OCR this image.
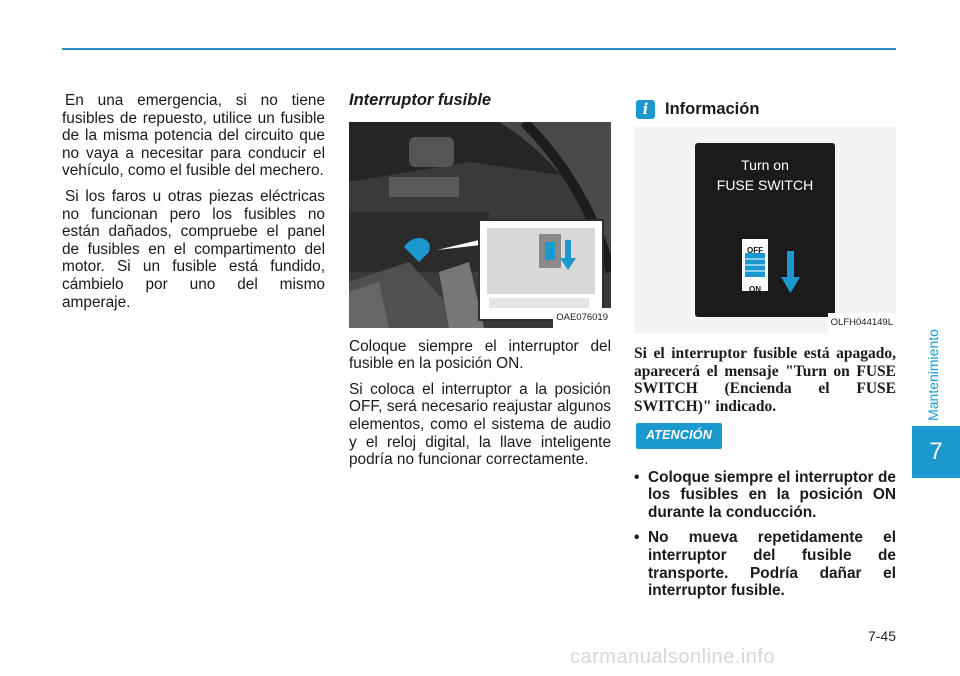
En una emergencia, si no tiene fusibles de repuesto, utilice un fusible de la misma potencia del circuito que no vaya a necesitar para conducir el vehículo, como el fusible del mechero.

Si los faros u otras piezas eléctricas no funcionan pero los fusibles no están dañados, compruebe el panel de fusibles en el compartimento del motor. Si un fusible está fundido, cámbielo por uno del mismo amperaje.

Interruptor fusible
OAE076019

Coloque siempre el interruptor del fusible en la posición ON.

Si coloca el interruptor a la posición OFF, será necesario reajustar algunos elementos, como el sistema de audio y el reloj digital, la llave inteligente podría no funcionar correctamente.

i	Información
Turn on
FUSE SWITCH
OFF
ON
OLFH044149L

Si el interruptor fusible está apagado, aparecerá el mensaje "Turn on FUSE SWITCH (Encienda el FUSE SWITCH)" indicado.

ATENCIÓN
• Coloque siempre el interruptor de los fusibles en la posición ON durante la conducción.
• No mueva repetidamente el interruptor del fusible de transporte. Podría dañar el interruptor fusible.
Mantenimiento
7
7-45
carmanualsonline.info
